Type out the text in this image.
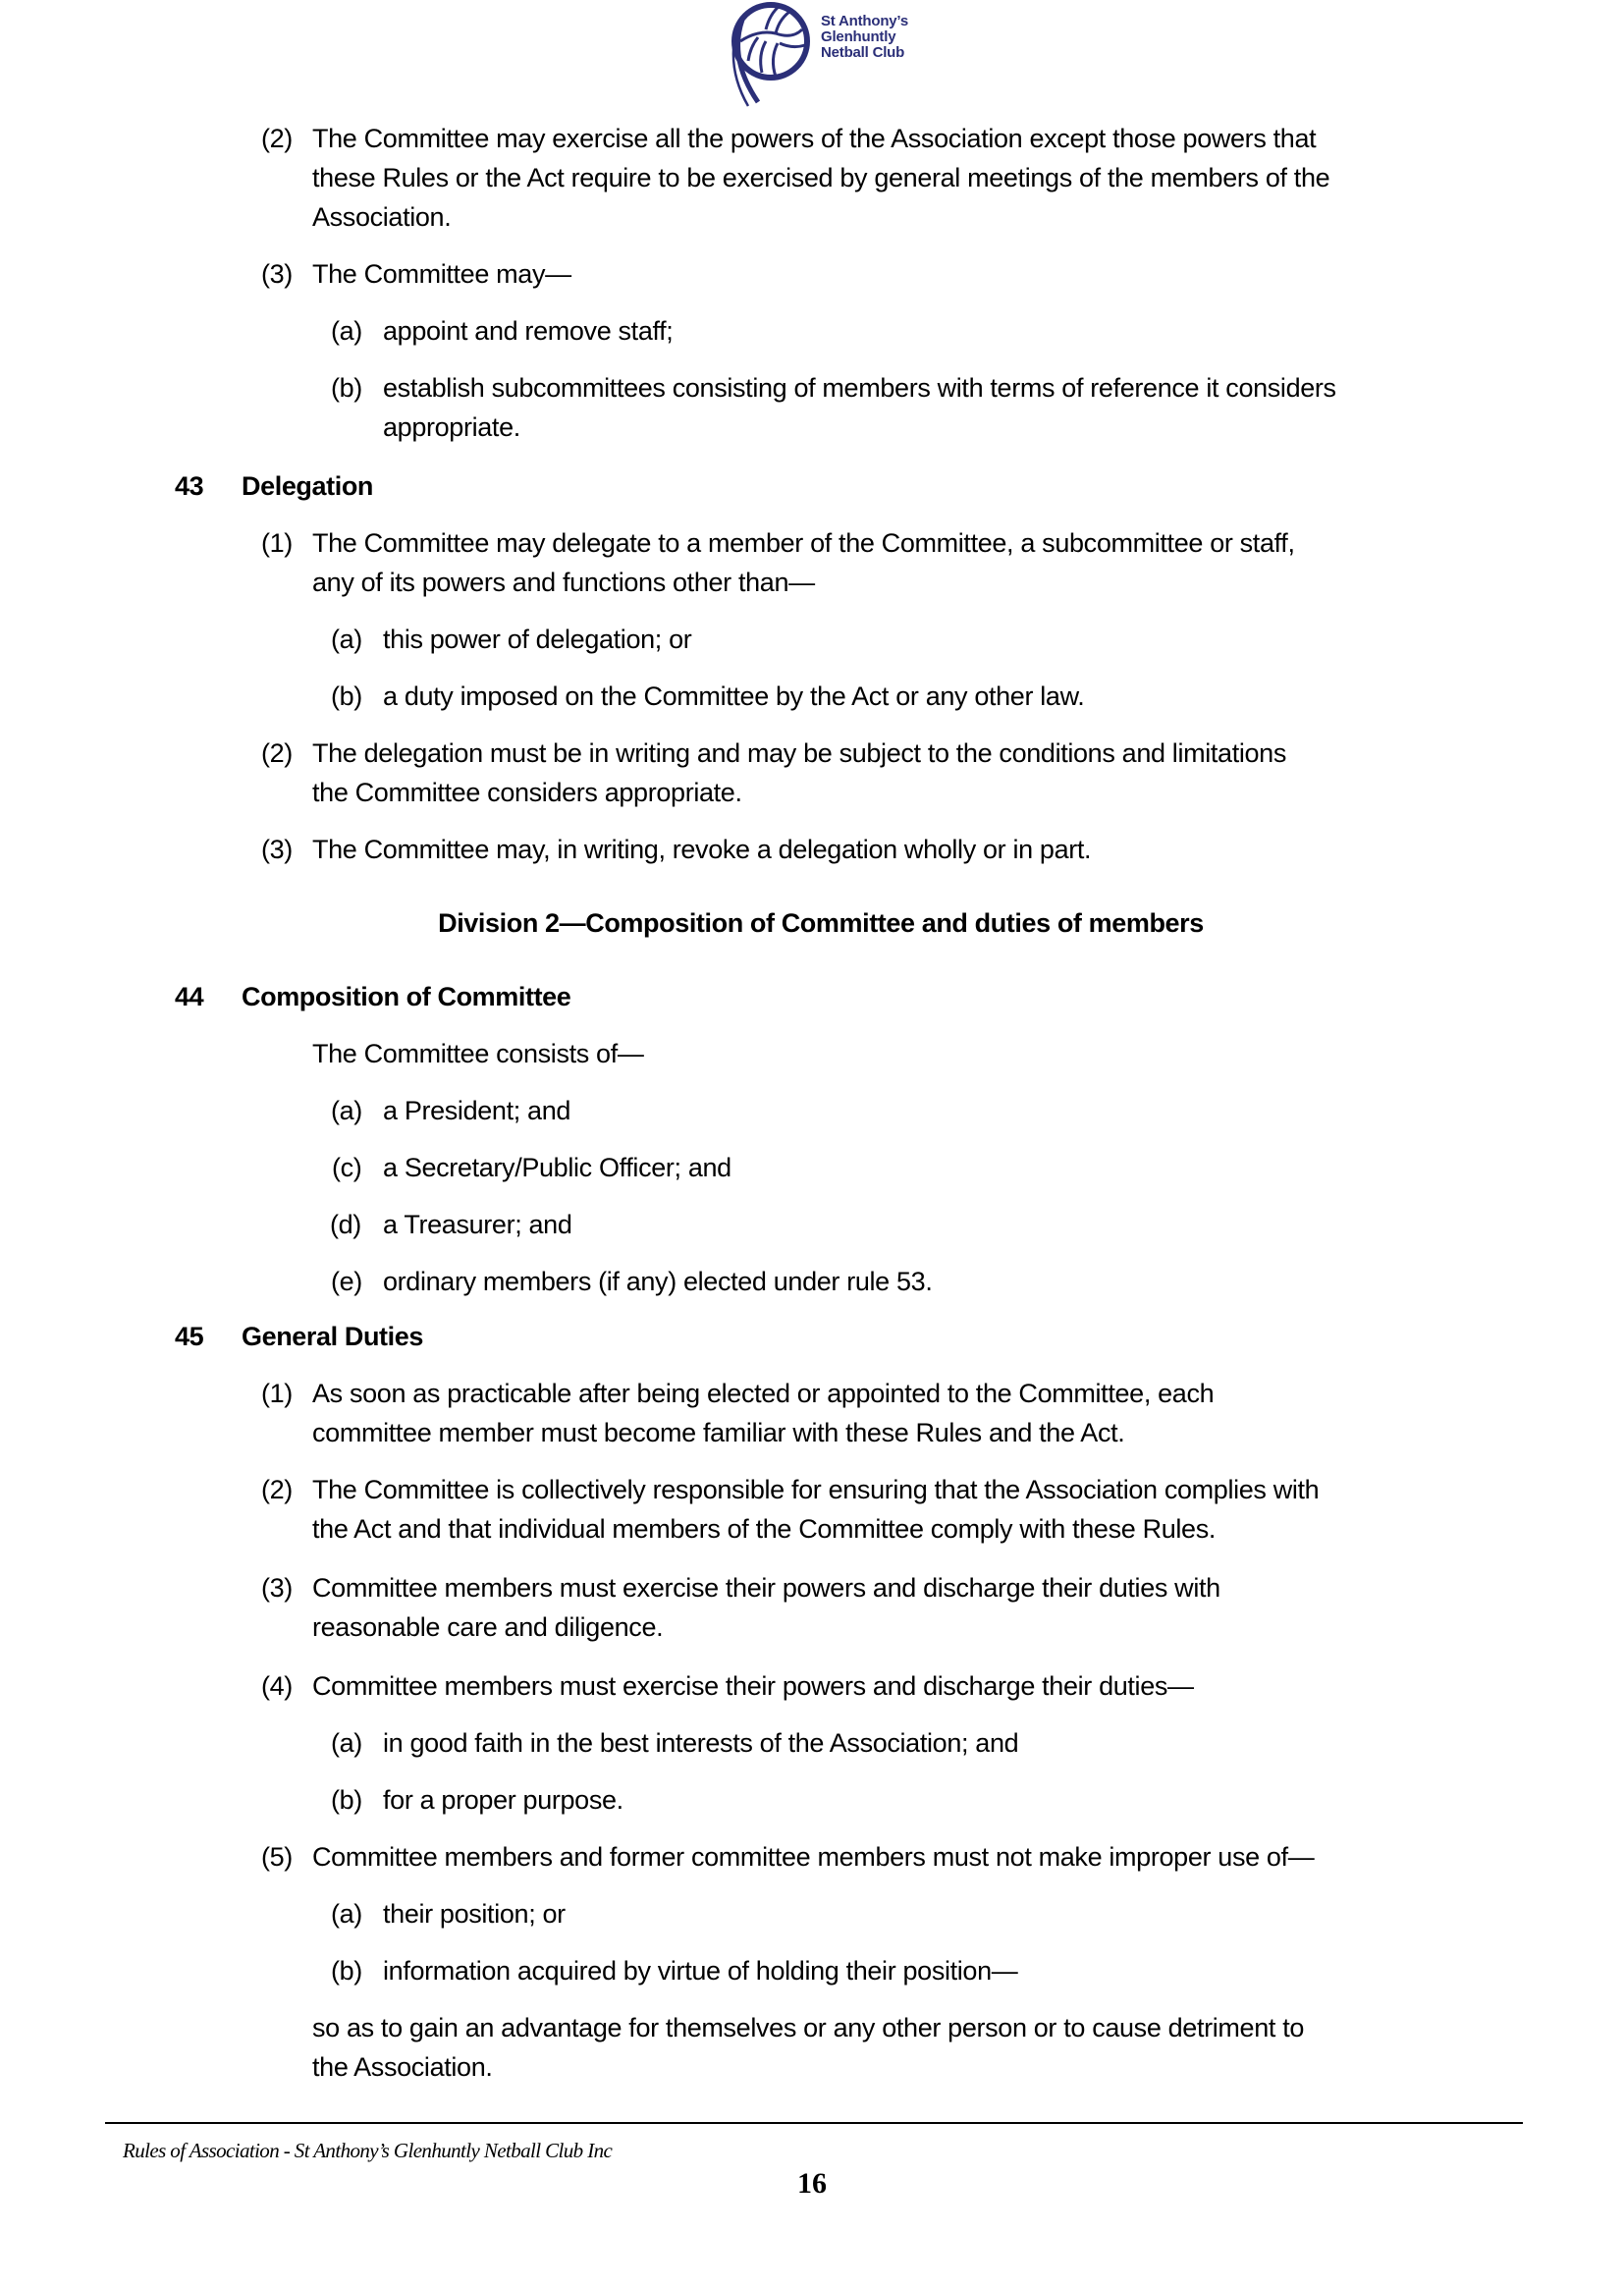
St Anthony’s
Glenhuntly
Netball Club
(2) The Committee may exercise all the powers of the Association except those powers that
these Rules or the Act require to be exercised by general meetings of the members of the
Association.
(3) The Committee may—
(a) appoint and remove staff;
(b) establish subcommittees consisting of members with terms of reference it considers
appropriate.
43 Delegation
(1) The Committee may delegate to a member of the Committee, a subcommittee or staff,
any of its powers and functions other than—
(a) this power of delegation; or
(b) a duty imposed on the Committee by the Act or any other law.
(2) The delegation must be in writing and may be subject to the conditions and limitations
the Committee considers appropriate.
(3) The Committee may, in writing, revoke a delegation wholly or in part.
Division 2—Composition of Committee and duties of members
44 Composition of Committee
The Committee consists of—
(a) a President; and
(c) a Secretary/Public Officer; and
(d) a Treasurer; and
(e) ordinary members (if any) elected under rule 53.
45 General Duties
(1) As soon as practicable after being elected or appointed to the Committee, each
committee member must become familiar with these Rules and the Act.
(2) The Committee is collectively responsible for ensuring that the Association complies with
the Act and that individual members of the Committee comply with these Rules.
(3) Committee members must exercise their powers and discharge their duties with
reasonable care and diligence.
(4) Committee members must exercise their powers and discharge their duties—
(a) in good faith in the best interests of the Association; and
(b) for a proper purpose.
(5) Committee members and former committee members must not make improper use of—
(a) their position; or
(b) information acquired by virtue of holding their position—
so as to gain an advantage for themselves or any other person or to cause detriment to
the Association.
Rules of Association - St Anthony’s Glenhuntly Netball Club Inc
16
